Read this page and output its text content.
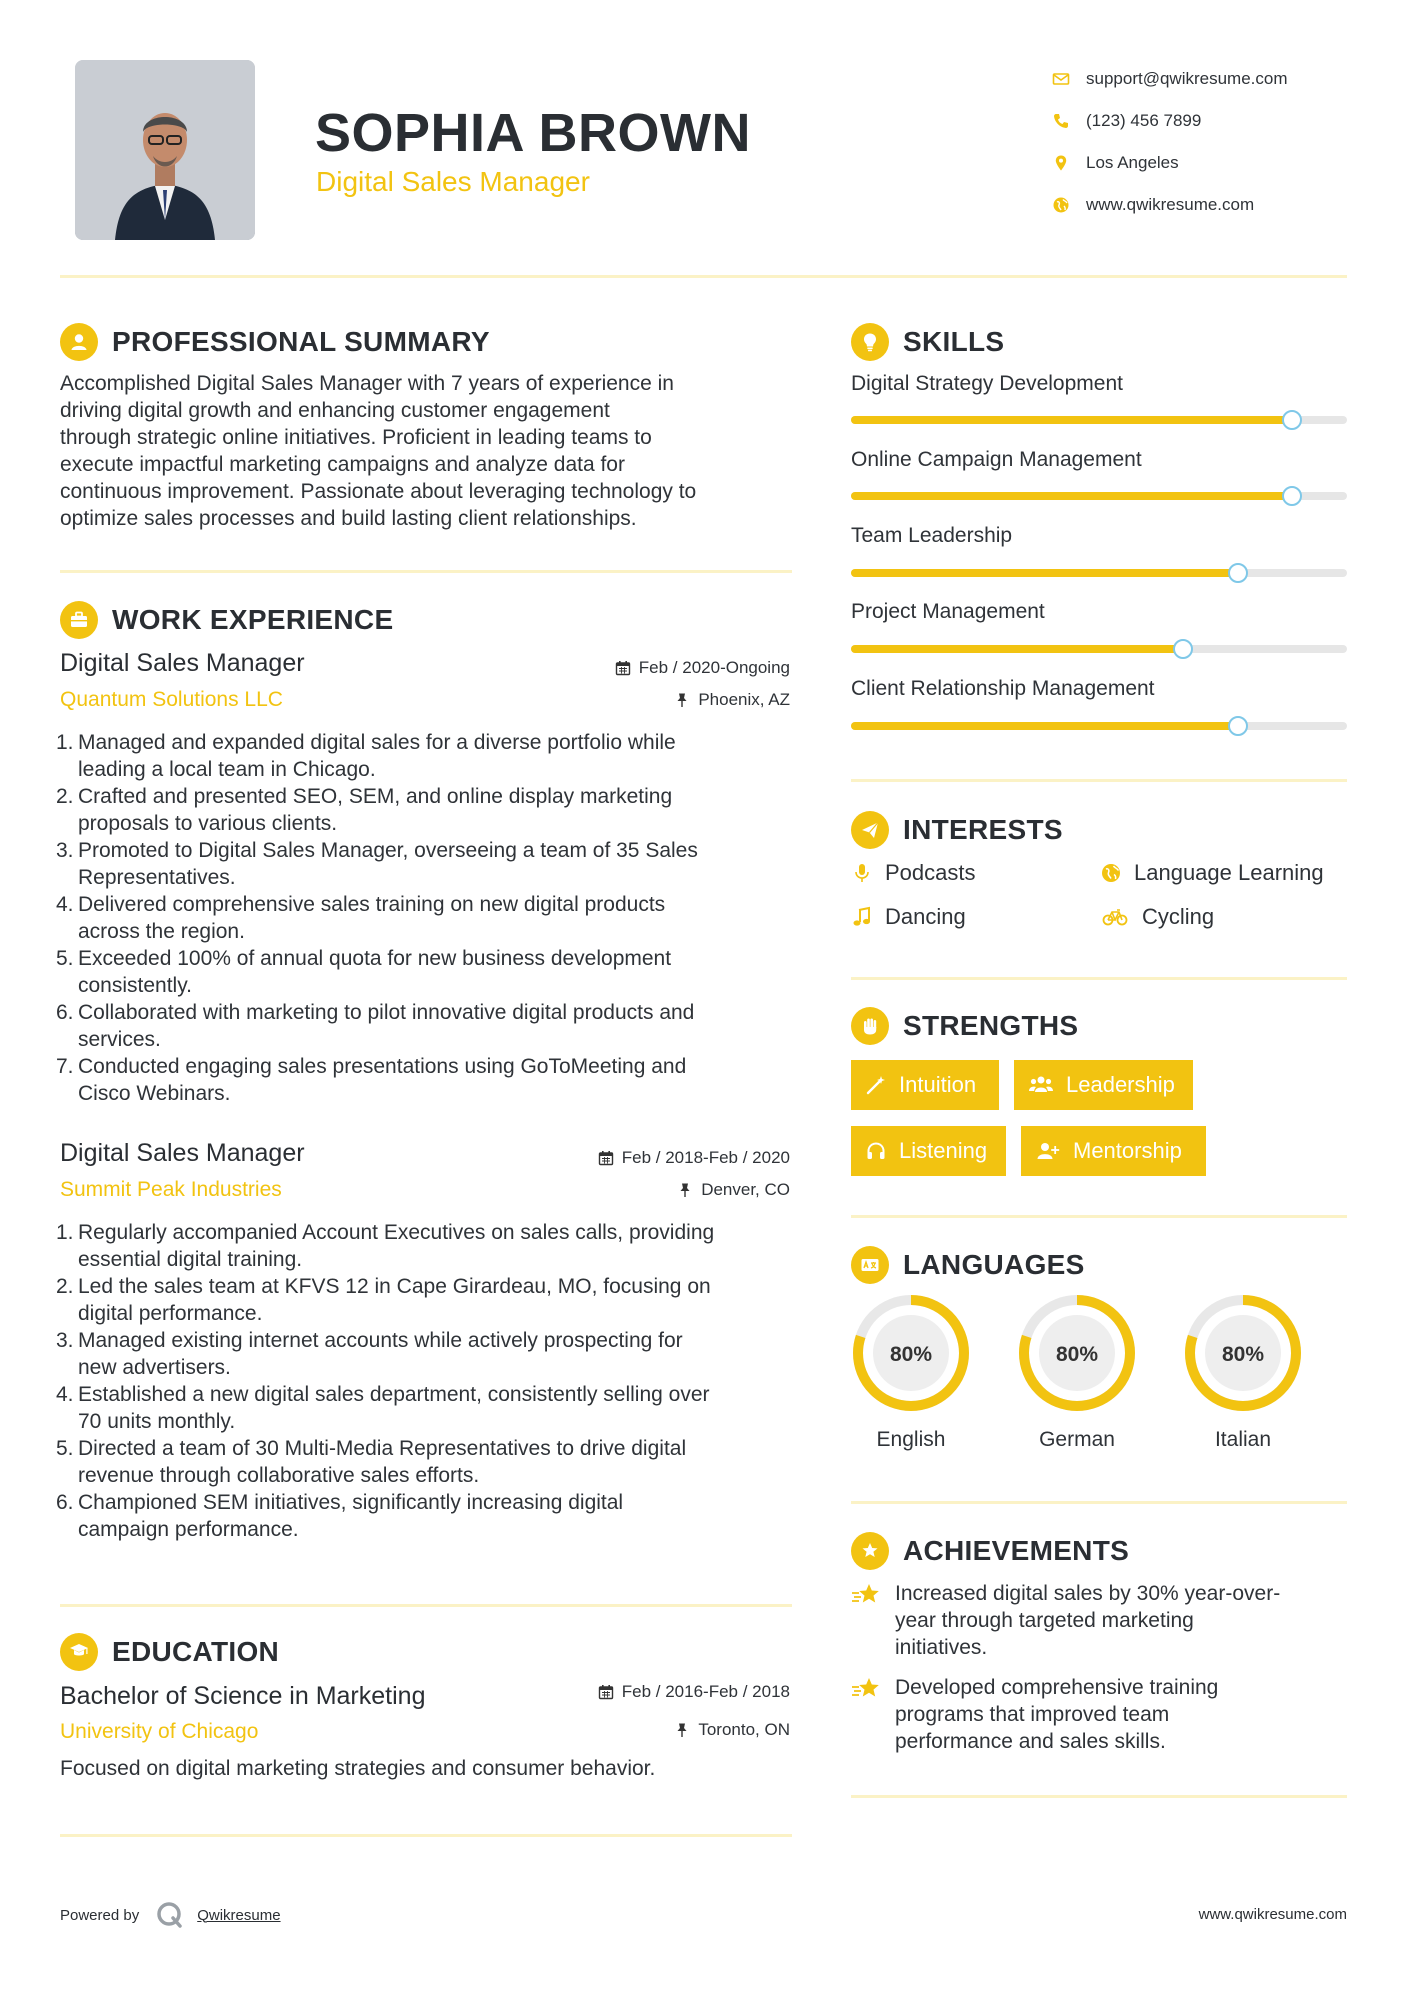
SOPHIA BROWN
Digital Sales Manager
support@qwikresume.com
(123) 456 7899
Los Angeles
www.qwikresume.com
PROFESSIONAL SUMMARY
Accomplished Digital Sales Manager with 7 years of experience in
driving digital growth and enhancing customer engagement
through strategic online initiatives. Proficient in leading teams to
execute impactful marketing campaigns and analyze data for
continuous improvement. Passionate about leveraging technology to
optimize sales processes and build lasting client relationships.
WORK EXPERIENCE
Digital Sales Manager
Quantum Solutions LLC
Feb / 2020-Ongoing
Phoenix, AZ
1. Managed and expanded digital sales for a diverse portfolio while
leading a local team in Chicago.
2. Crafted and presented SEO, SEM, and online display marketing
proposals to various clients.
3. Promoted to Digital Sales Manager, overseeing a team of 35 Sales
Representatives.
4. Delivered comprehensive sales training on new digital products
across the region.
5. Exceeded 100% of annual quota for new business development
consistently.
6. Collaborated with marketing to pilot innovative digital products and
services.
7. Conducted engaging sales presentations using GoToMeeting and
Cisco Webinars.
Digital Sales Manager
Summit Peak Industries
Feb / 2018-Feb / 2020
Denver, CO
1. Regularly accompanied Account Executives on sales calls, providing
essential digital training.
2. Led the sales team at KFVS 12 in Cape Girardeau, MO, focusing on
digital performance.
3. Managed existing internet accounts while actively prospecting for
new advertisers.
4. Established a new digital sales department, consistently selling over
70 units monthly.
5. Directed a team of 30 Multi-Media Representatives to drive digital
revenue through collaborative sales efforts.
6. Championed SEM initiatives, significantly increasing digital
campaign performance.
EDUCATION
Bachelor of Science in Marketing
University of Chicago
Feb / 2016-Feb / 2018
Toronto, ON
Focused on digital marketing strategies and consumer behavior.
SKILLS
Digital Strategy Development
Online Campaign Management
Team Leadership
Project Management
Client Relationship Management
INTERESTS
Podcasts	Language Learning
Dancing	Cycling
STRENGTHS
Intuition	Leadership
Listening	Mentorship
LANGUAGES
80%
English
80%
German
80%
Italian
ACHIEVEMENTS
Increased digital sales by 30% year-over-
year through targeted marketing
initiatives.
Developed comprehensive training
programs that improved team
performance and sales skills.
Powered by	Qwikresume	www.qwikresume.com
